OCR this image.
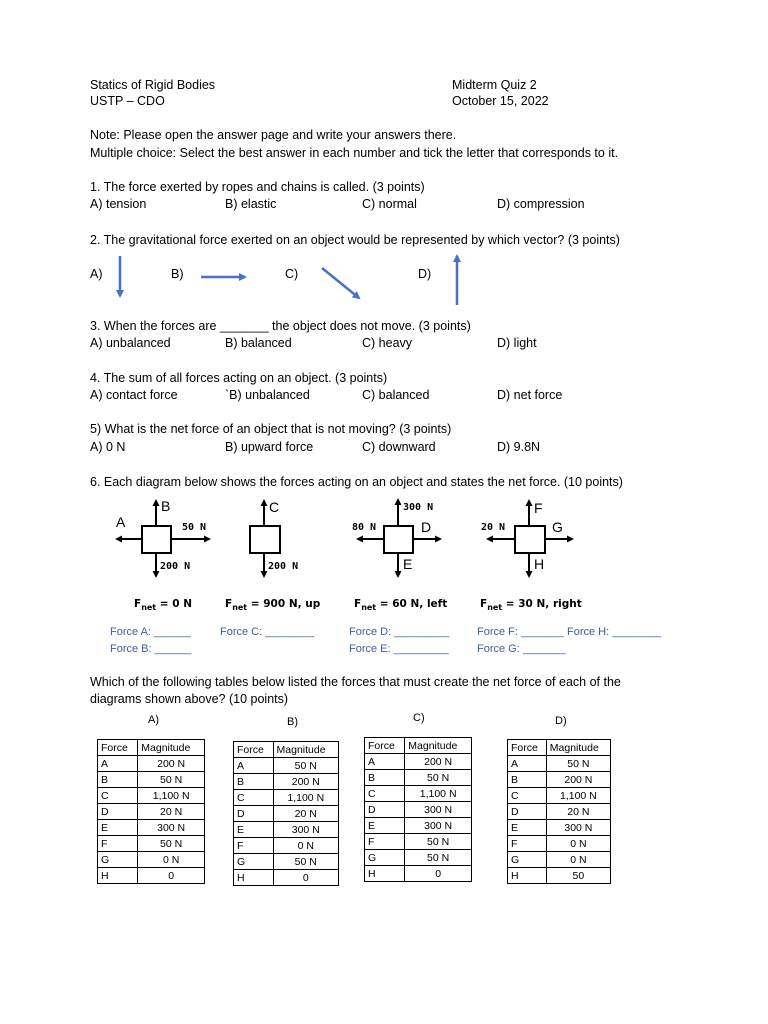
Statics of Rigid Bodies
USTP – CDO
Midterm Quiz 2
October 15, 2022
Note: Please open the answer page and write your answers there.
Multiple choice: Select the best answer in each number and tick the letter that corresponds to it.
1. The force exerted by ropes and chains is called. (3 points)
A) tension	B) elastic	C) normal	D) compression
2. The gravitational force exerted on an object would be represented by which vector? (3 points)
A)	B)	C)	D)
3. When the forces are _______ the object does not move. (3 points)
A) unbalanced	B) balanced	C) heavy	D) light
4. The sum of all forces acting on an object. (3 points)
A) contact force	`B) unbalanced	C) balanced	D) net force
5) What is the net force of an object that is not moving? (3 points)
A) 0 N	B) upward force	C) downward	D) 9.8N
6. Each diagram below shows the forces acting on an object and states the net force. (10 points)
A
B
50 N
200 N
C
200 N
300 N
80 N	D
E
F
20 N	G
H
$F_{net} = 0$ N	$F_{net} = 900$ N, up	$F_{net} = 60$ N, left	$F_{net} = 30$ N, right
Force A: ______
Force B: ______
Force C: ________	Force D: _________
Force E: _________
Force F: _______ Force H: ________
Force G: _______
Which of the following tables below listed the forces that must create the net force of each of the
diagrams shown above? (10 points)
A)	B)	C)	D)
Force	Magnitude
A	200 N
B	50 N
C	1,100 N
D	20 N
E	300 N
F	50 N
G	0 N
H	0
Force	Magnitude
A	50 N
B	200 N
C	1,100 N
D	20 N
E	300 N
F	0 N
G	50 N
H	0
Force	Magnitude
A	200 N
B	50 N
C	1,100 N
D	300 N
E	300 N
F	50 N
G	50 N
H	0
Force	Magnitude
A	50 N
B	200 N
C	1,100 N
D	20 N
E	300 N
F	0 N
G	0 N
H	50
